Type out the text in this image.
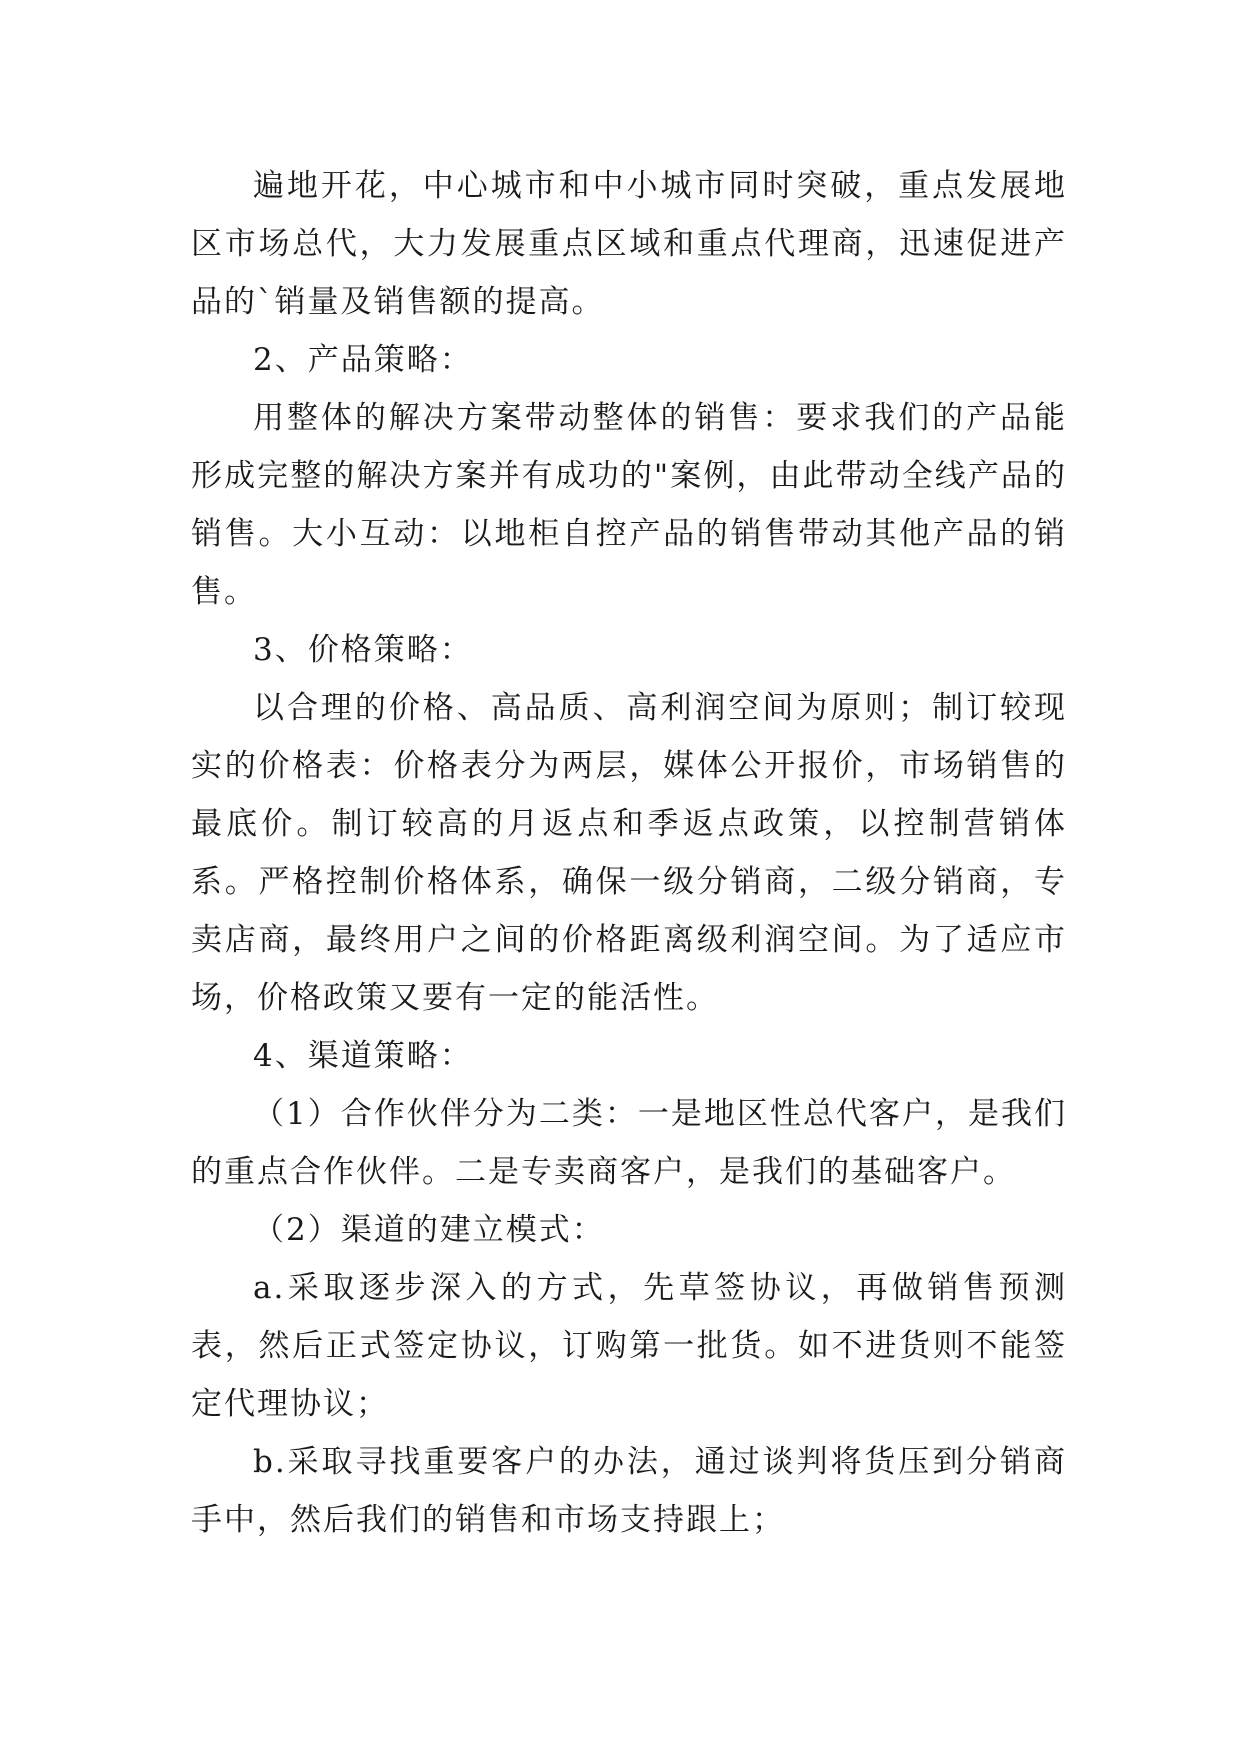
遍地开花，中心城市和中小城市同时突破，重点发展地区市场总代，大力发展重点区域和重点代理商，迅速促进产品的`销量及销售额的提高。

2、产品策略：

用整体的解决方案带动整体的销售：要求我们的产品能形成完整的解决方案并有成功的"案例，由此带动全线产品的销售。大小互动：以地柜自控产品的销售带动其他产品的销售。

3、价格策略：

以合理的价格、高品质、高利润空间为原则；制订较现实的价格表：价格表分为两层，媒体公开报价，市场销售的最底价。制订较高的月返点和季返点政策，以控制营销体系。严格控制价格体系，确保一级分销商，二级分销商，专卖店商，最终用户之间的价格距离级利润空间。为了适应市场，价格政策又要有一定的能活性。

4、渠道策略：

（1）合作伙伴分为二类：一是地区性总代客户，是我们的重点合作伙伴。二是专卖商客户，是我们的基础客户。

（2）渠道的建立模式：

a.采取逐步深入的方式，先草签协议，再做销售预测表，然后正式签定协议，订购第一批货。如不进货则不能签定代理协议；

b.采取寻找重要客户的办法，通过谈判将货压到分销商手中，然后我们的销售和市场支持跟上；
